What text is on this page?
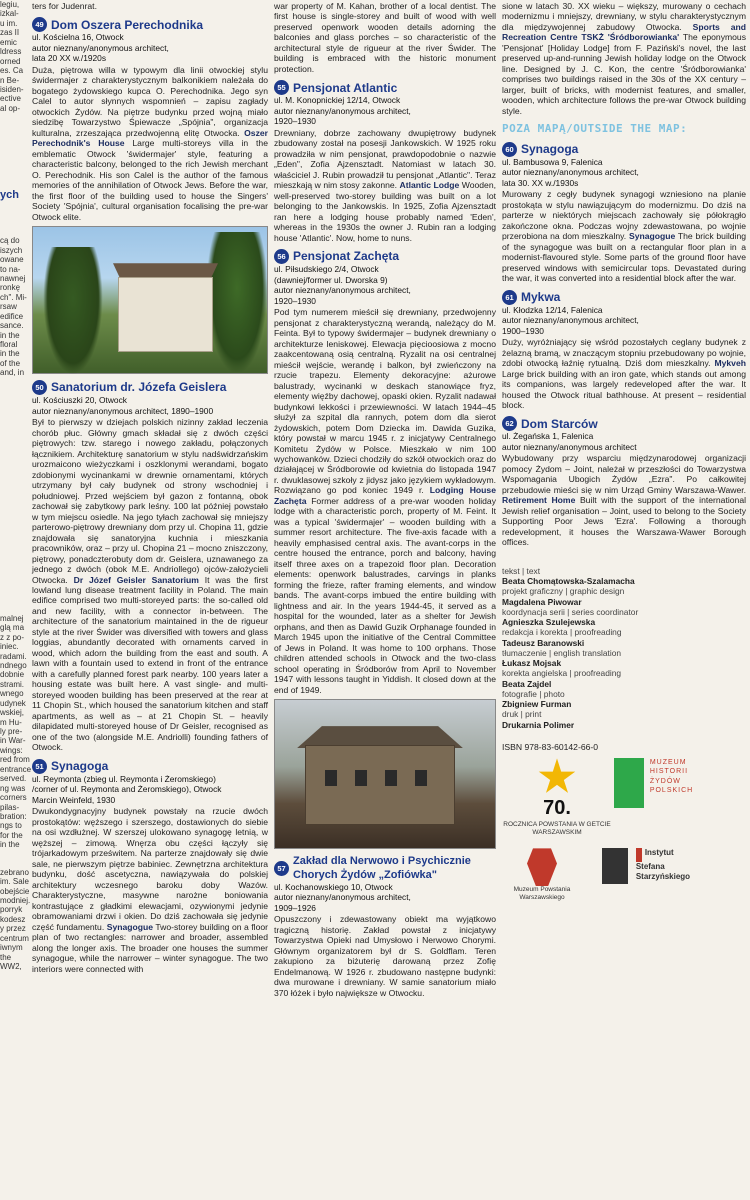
legiu,
izkal-
u im.
zas II
emic
ldress
orned
es. Ca
n Be-
isiden-
ective
al op-
ych
cą do
iszych
owane
to na-
nawnej
ronkę
ch". Mi-
rsaw
edifice
sance.
in the
floral
in the
of the
and, in
malnej
glą ma
z z po-
iniec.
radami.
ndnego
dobnie
strami.
wnego
udynek
wskiej,
m Hu-
ly pre-
in War-
wings:
red from
entrance
served.
ng was
corners
pilas-
bration:
ngs to
for the
in the
zebrano
im. Sale
obejście
modniej.
porryk
kodesz
y przez
centrum
iwnym
the
WW2,

ters for Judenrat.

49 Dom Oszera Perechodnika
ul. Kościelna 16, Otwock
autor nieznany/anonymous architect,
lata 20 XX w./1920s

Duża, piętrowa willa w typowym dla linii otwockiej stylu świdermajer z charakterystycznym balkonikiem należała do bogatego żydowskiego kupca O. Perechodnika. Jego syn Calel to autor słynnych wspomnień – zapisu zagłady otwockich Żydów. Na piętrze budynku przed wojną miało siedzibę Towarzystwo Śpiewacze „Spójnia", organizacja kulturalna, zrzeszająca przedwojenną elitę Otwocka. Oszer Perechodnik's House Large multi-storeys villa in the emblematic Otwock 'świdermajer' style, featuring a characteristic balcony, belonged to the rich Jewish merchant O. Perechodnik. His son Calel is the author of the famous memories of the annihilation of Otwock Jews. Before the war, the first floor of the building used to house the Singers' Society 'Spójnia', cultural organisation focalising the pre-war Otwock elite.

50 Sanatorium dr. Józefa Geislera
ul. Kościuszki 20, Otwock
autor nieznany/anonymous architect, 1890–1900

Był to pierwszy w dziejach polskich nizinny zakład leczenia chorób płuc. Główny gmach składał się z dwóch części piętrowych: tzw. starego i nowego zakładu, połączonych łącznikiem. Architekturę sanatorium w stylu nadświdrzańskim urozmaicono wieżyczkami i oszklonymi werandami, bogato zdobionymi wycinankami w drewnie ornamentami, których utrzymany był cały budynek od strony wschodniej i południowej. Przed wejściem był gazon z fontanną, obok zachował się zabytkowy park leśny. 100 lat później powstało w tym miejscu osiedle. Na jego tyłach zachował się mniejszy parterowo-piętrowy drewniany dom przy ul. Chopina 11, gdzie znajdowała się sanatoryjna kuchnia i mieszkania pracowników, oraz – przy ul. Chopina 21 – mocno zniszczony, piętrowy, ponadczterobuty dom dr. Geislera, uznawanego za jednego z dwóch (obok M.E. Andriollego) ojców-założycieli Otwocka. Dr Józef Geisler Sanatorium It was the first lowland lung disease treatment facility in Poland. The main edifice comprised two multi-storeyed parts: the so-called old and new facility, with a connector in-between. The architecture of the sanatorium maintained in the de rigueur style at the river Świder was diversified with towers and glass loggias, abundantly decorated with ornaments carved in wood, which adorn the building from the east and south. A lawn with a fountain used to extend in front of the entrance with a carefully planned forest park nearby. 100 years later a housing estate was built here. A vast single- and multi-storeyed wooden building has been preserved at the rear at 11 Chopin St., which housed the sanatorium kitchen and staff apartments, as well as – at 21 Chopin St. – heavily dilapidated multi-storeyed house of Dr Geisler, recognised as one of the two (alongside M.E. Andriolli) founding fathers of Otwock.

51 Synagoga
ul. Reymonta (zbieg ul. Reymonta i Żeromskiego)
/corner of ul. Reymonta and Żeromskiego), Otwock
Marcin Weinfeld, 1930

Dwukondygnacyjny budynek powstały na rzucie dwóch prostokątów: węższego i szerszego, dostawionych do siebie na osi wzdłużnej. W szerszej ulokowano synagogę letnią, w węższej – zimową. Wnęrza obu części łączyły się trójarkadowym prześwitem. Na parterze znajdowały się dwie sale, ne pierwszym piętrze babiniec. Zewnętrzna architektura budynku, dość ascetyczna, nawiązywała do polskiej architektury wczesnego baroku doby Wazów. Charakterystyczne, masywne narożne boniowania kontrastujące z gładkimi elewacjami, ozywionymi jedynie obramowaniami drzwi i okien. Do dziś zachowała się jedynie część fundamentu. Synagogue Two-storey building on a floor plan of two rectangles: narrower and broader, assembled along the longer axis. The broader one houses the summer synagogue, while the narrower – winter synagogue. The two interiors were connected with

war property of M. Kahan, brother of a local dentist. The first house is single-storey and built of wood with well preserved openwork wooden details adorning the balconies and glass porches – so characteristic of the architectural style de rigueur at the river Świder. The building is embraced with the historic monument protection.

55 Pensjonat Atlantic
ul. M. Konopnickiej 12/14, Otwock
autor nieznany/anonymous architect,
1920–1930

Drewniany, dobrze zachowany dwupiętrowy budynek zbudowany został na posesji Jankowskich. W 1925 roku prowadziła w nim pensjonat, prawdopodobnie o nazwie „Eden", Zofia Ajzensztadt. Natomiast w latach 30. właściciel J. Rubin prowadził tu pensjonat „Atlantic". Teraz mieszkają w nim stosy zakonne. Atlantic Lodge Wooden, well-preserved two-storey building was built on a lot belonging to the Jankowskis. In 1925, Zofia Ajzensztadt ran here a lodging house probably named 'Eden', whereas in the 1930s the owner J. Rubin ran a lodging house 'Atlantic'. Now, home to nuns.

56 Pensjonat Zachęta
ul. Piłsudskiego 2/4, Otwock
(dawniej/former ul. Dworska 9)
autor nieznany/anonymous architect,
1920–1930

Pod tym numerem mieścił się drewniany, przedwojenny pensjonat z charakterystyczną werandą, należący do M. Feinta. Był to typowy świdermajer – budynek drewniany o architekturze leniskowej. Elewacja pięcioosiowa z mocno zaakcentowaną osią centralną. Ryzalit na osi centralnej mieścił wejście, werandę i balkon, był zwieńczony na rzucie trapezu. Elementy dekoracyjne: ażurowe balustrady, wycinanki w deskach stanowiące fryz, elementy więźby dachowej, opaski okien. Ryzalit nadawał budynkowi lekkości i przewiewności. W latach 1944–45 służył za szpital dla rannych, potem dom dla sierot żydowskich, potem Dom Dziecka im. Dawida Guzika, który powstał w marcu 1945 r. z inicjatywy Centralnego Komitetu Żydów w Polsce. Mieszkało w nim 100 wychowanków. Dzieci chodziły do szkół otwockich oraz do działającej w Śródborowie od kwietnia do listopada 1947 r. dwuklasowej szkoły z jidysz jako językiem wykładowym. Rozwiązano go pod koniec 1949 r. Lodging House Zachęta Former address of a pre-war wooden holiday lodge with a characteristic porch, property of M. Feint. It was a typical 'świdermajer' – wooden building with a summer resort architecture. The five-axis facade with a heavily emphasised central axis. The avant-corps in the centre housed the entrance, porch and balcony, having itself three axes on a trapezoid floor plan. Decoration elements: openwork balustrades, carvings in planks forming the frieze, rafter framing elements, and window bands. The avant-corps imbued the entire building with lightness and air. In the years 1944-45, it served as a hospital for the wounded, later as a shelter for Jewish orphans, and then as Dawid Guzik Orphanage founded in March 1945 upon the initiative of the Central Committee of Jews in Poland. It was home to 100 orphans. Those children attended schools in Otwock and the two-class school operating in Śródborów from April to November 1947 with lessons taught in Yiddish. It closed down at the end of 1949.

57
Zakład dla Nerwowo i Psychicznie Chorych Żydów „Zofiówka"
ul. Kochanowskiego 10, Otwock
autor nieznany/anonymous architect,
1909–1926

Opuszczony i zdewastowany obiekt ma wyjątkowo tragiczną historię. Zakład powstał z inicjatywy Towarzystwa Opieki nad Umysłowo i Nerwowo Chorymi. Głównym organizatorem był dr S. Goldflam. Teren zakupiono za biżuterię darowaną przez Zofię Endelmanową. W 1926 r. zbudowano następne budynki: dwa murowane i drewniany. W samie sanatorium miało 370 łóżek i było największe w Otwocku.

sione w latach 30. XX wieku – większy, murowany o cechach modernizmu i mniejszy, drewniany, w stylu charakterystycznym dla międzywojennej zabudowy Otwocka. Sports and Recreation Centre TSKŻ 'Śródborowianka' The eponymous 'Pensjonat' [Holiday Lodge] from F. Paziński's novel, the last preserved up-and-running Jewish holiday lodge on the Otwock line. Designed by J. C. Kon, the centre 'Śródborowianka' comprises two buildings raised in the 30s of the XX century – larger, built of bricks, with modernist features, and smaller, wooden, which architecture follows the pre-war Otwock building style.

POZA MAPĄ/OUTSIDE THE MAP:
60 Synagoga
ul. Bambusowa 9, Falenica
autor nieznany/anonymous architect,
lata 30. XX w./1930s

Murowany z cegły budynek synagogi wzniesiono na planie prostokąta w stylu nawiązującym do modernizmu. Do dziś na parterze w niektórych miejscach zachowały się półokrągło zakończone okna. Podczas wojny zdewastowana, po wojnie przerobiona na dom mieszkalny. Synagogue The brick building of the synagogue was built on a rectangular floor plan in a modernist-flavoured style. Some parts of the ground floor have preserved windows with semicircular tops. Devastated during the war, it was converted into a residential block after the war.

61 Mykwa
ul. Kłodzka 12/14, Falenica
autor nieznany/anonymous architect,
1900–1930

Duży, wyróżniający się wśród pozostałych ceglany budynek z żelazną bramą, w znaczącym stopniu przebudowany po wojnie, zdobi otwocką łaźnię rytualną. Dziś dom mieszkalny. Mykveh Large brick building with an iron gate, which stands out among its companions, was largely redeveloped after the war. It housed the Otwock ritual bathhouse. At present – residential block.

62 Dom Starców
ul. Żegańska 1, Falenica
autor nieznany/anonymous architect

Wybudowany przy wsparciu międzynarodowej organizacji pomocy Żydom – Joint, należał w przeszłości do Towarzystwa Wspomagania Ubogich Żydów „Ezra". Po całkowitej przebudowie mieści się w nim Urząd Gminy Warszawa-Wawer. Retirement Home Built with the support of the international Jewish relief organisation – Joint, used to belong to the Society Supporting Poor Jews 'Ezra'. Following a thorough redevelopment, it houses the Warszawa-Wawer Borough offices.

tekst | text
Beata Chomątowska-Szalamacha
projekt graficzny | graphic design
Magdalena Piwowar
koordynacja serii | series coordinator
Agnieszka Szulejewska
redakcja i korekta | proofreading
Tadeusz Baranowski
tłumaczenie | english translation
Łukasz Mojsak
korekta angielska | proofreading
Beata Zajdel
fotografie | photo
Zbigniew Furman
druk | print
Drukarnia Polimer
ISBN 978-83-60142-66-0
70.
ROCZNICA POWSTANIA W GETCIE WARSZAWSKIM

MUZEUM
HISTORII
ŻYDÓW
POLSKICH
Muzeum Powstania Warszawskiego

Instytut
Stefana
Starzyńskiego
